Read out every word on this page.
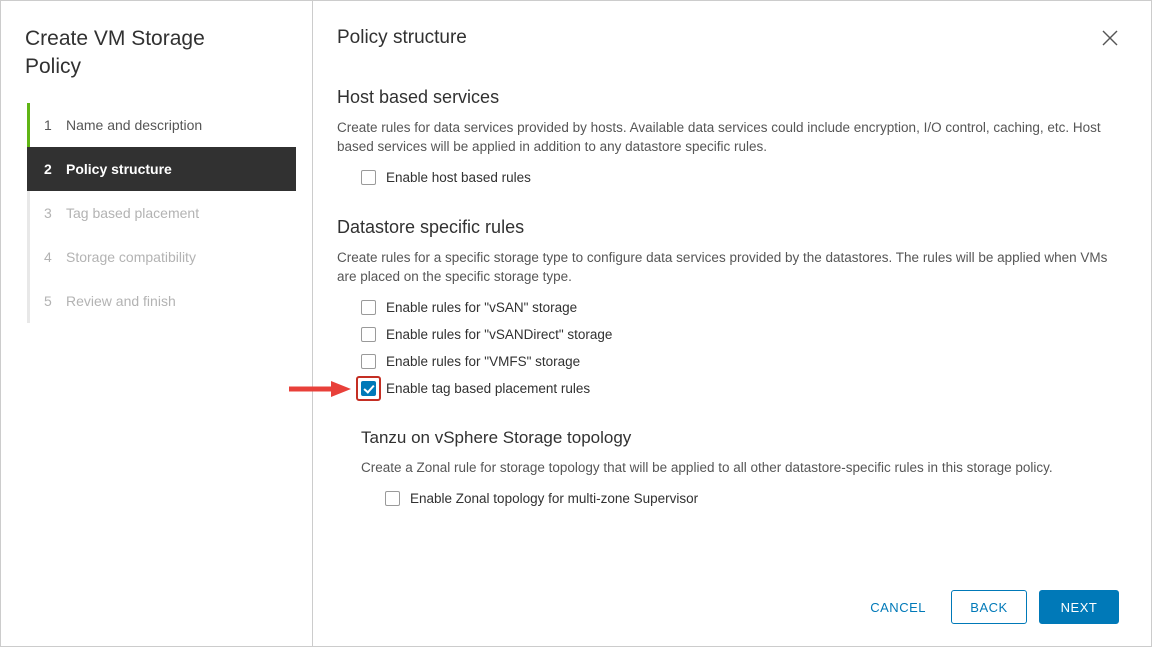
Create VM Storage Policy
1	Name and description
2	Policy structure
3	Tag based placement
4	Storage compatibility
5	Review and finish
Policy structure
Host based services

Create rules for data services provided by hosts. Available data services could include encryption, I/O control, caching, etc. Host based services will be applied in addition to any datastore specific rules.

Enable host based rules
Datastore specific rules

Create rules for a specific storage type to configure data services provided by the datastores. The rules will be applied when VMs are placed on the specific storage type.

Enable rules for "vSAN" storage
Enable rules for "vSANDirect" storage
Enable rules for "VMFS" storage
Enable tag based placement rules
Tanzu on vSphere Storage topology

Create a Zonal rule for storage topology that will be applied to all other datastore-specific rules in this storage policy.

Enable Zonal topology for multi-zone Supervisor
CANCEL	BACK	NEXT
